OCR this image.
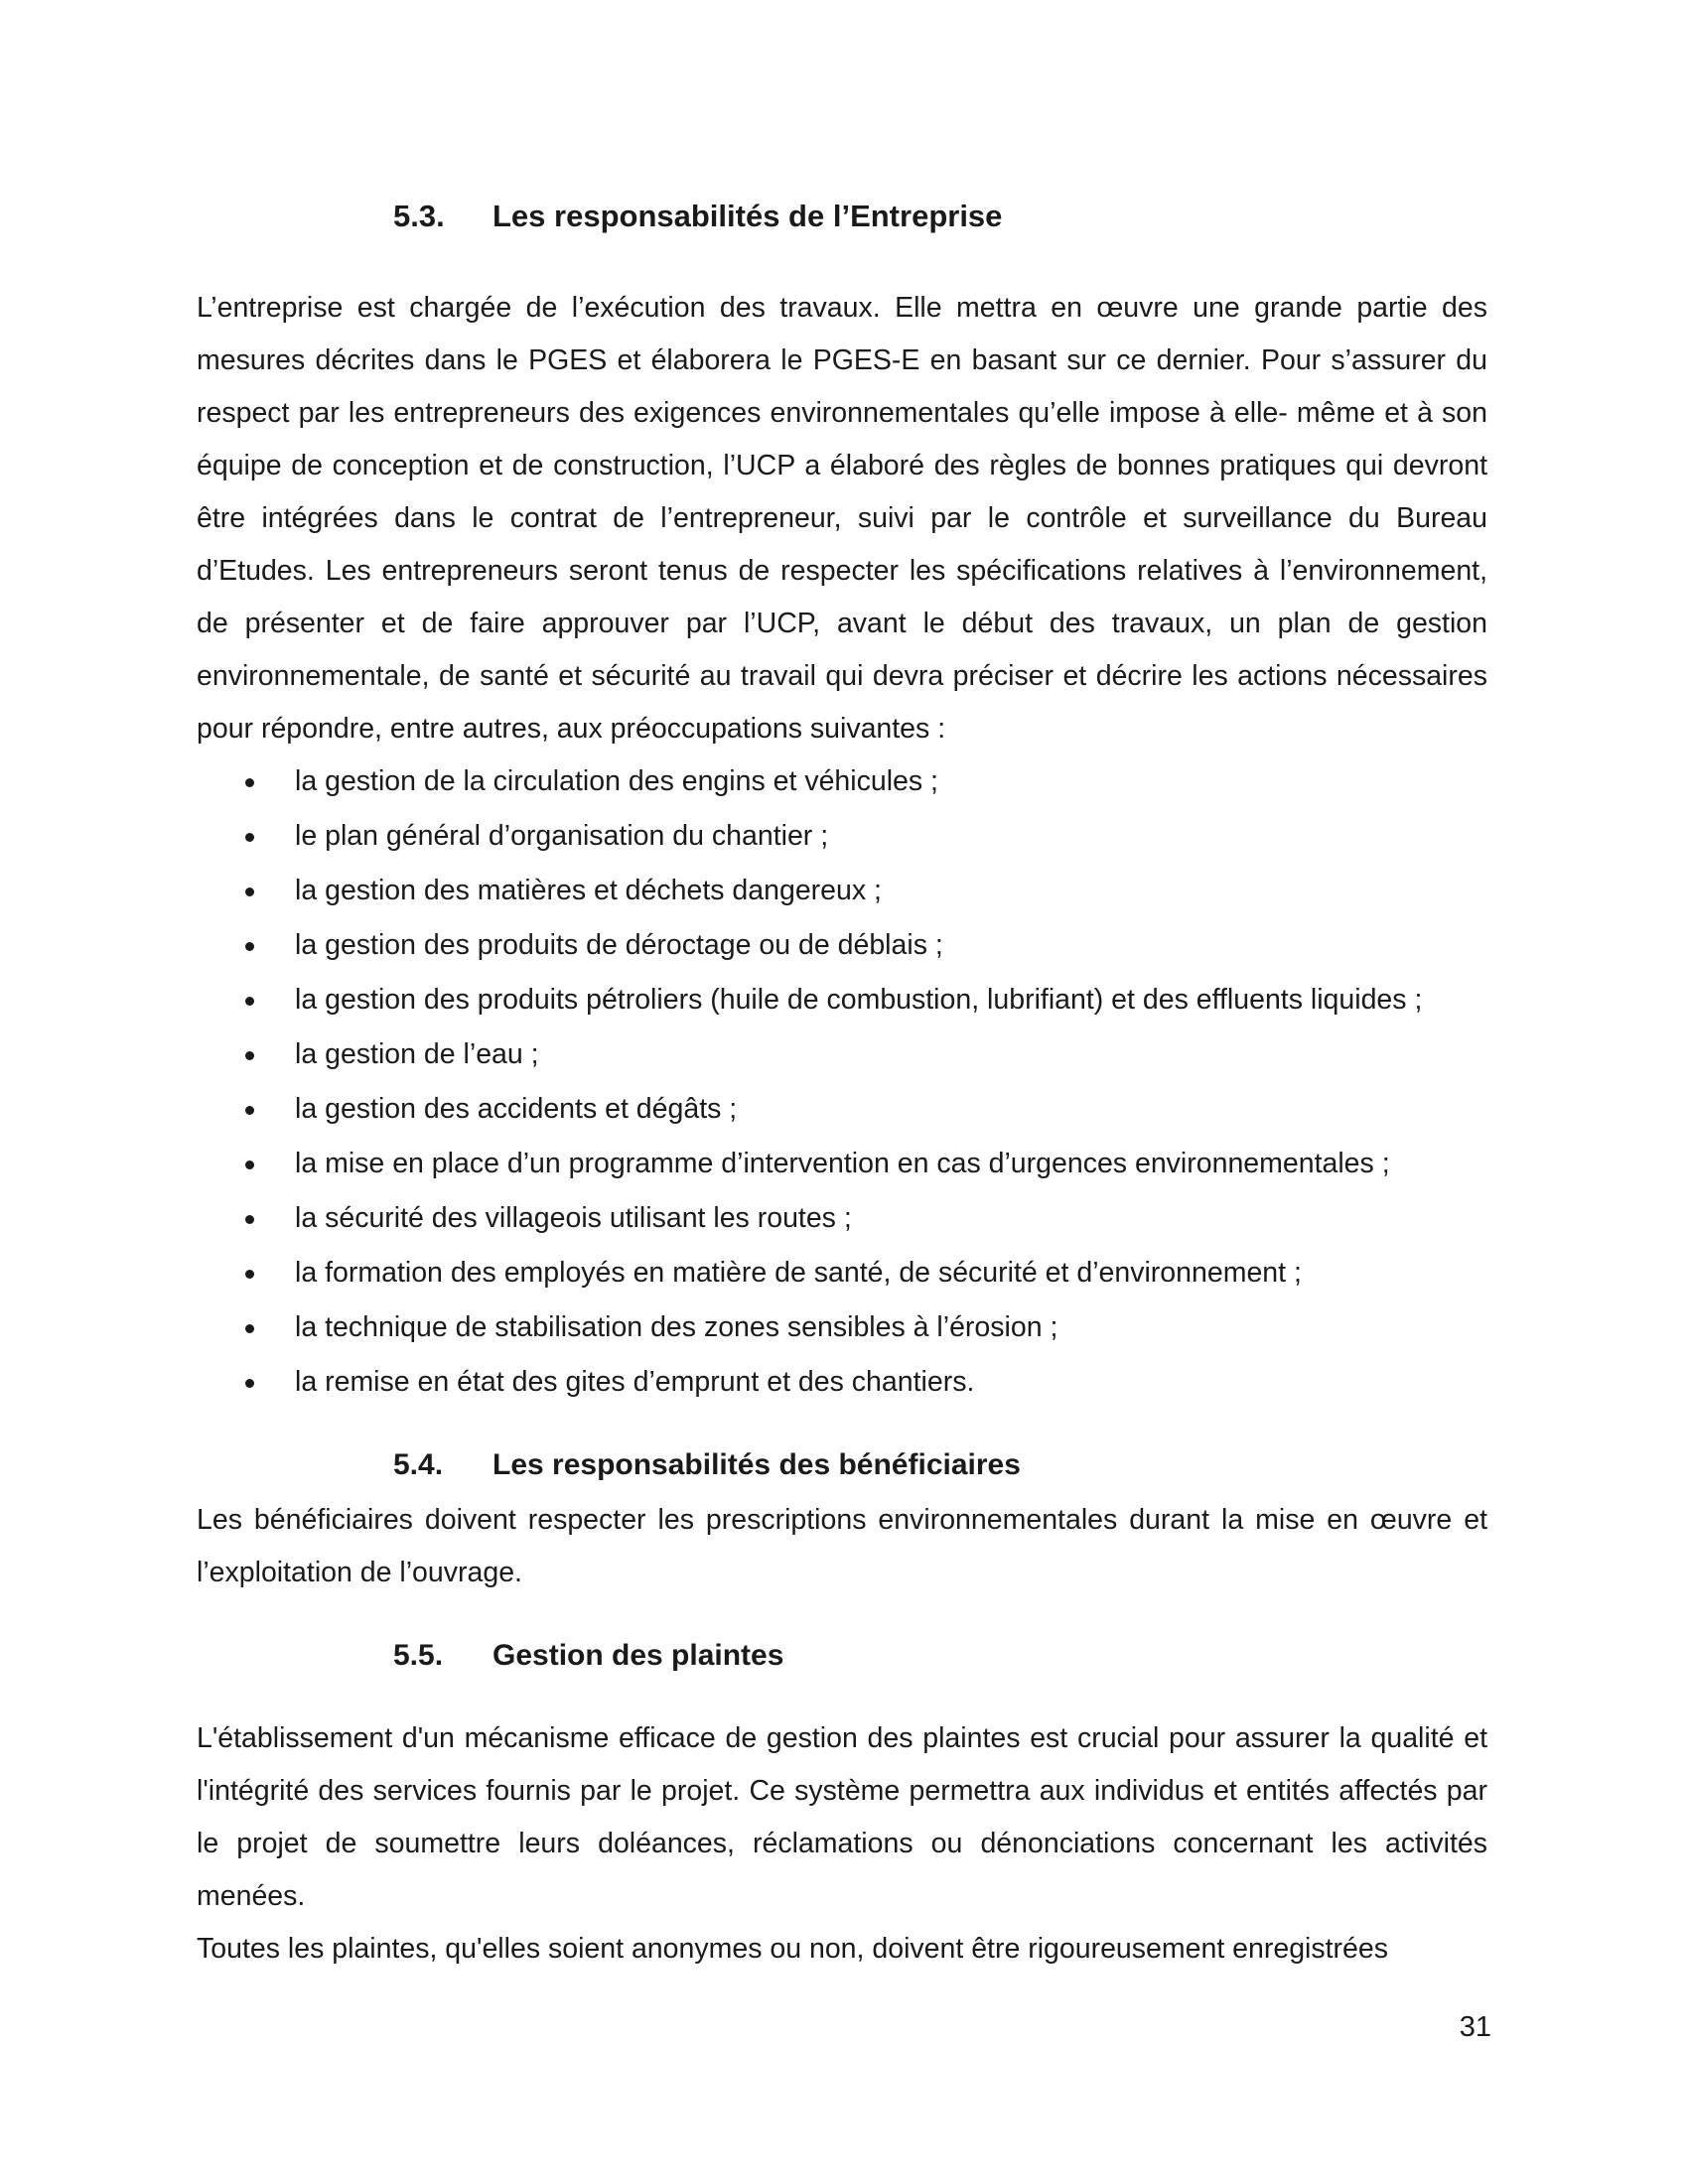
5.3. Les responsabilités de l’Entreprise

L’entreprise est chargée de l’exécution des travaux. Elle mettra en œuvre une grande partie des mesures décrites dans le PGES et élaborera le PGES-E en basant sur ce dernier. Pour s’assurer du respect par les entrepreneurs des exigences environnementales qu’elle impose à elle- même et à son équipe de conception et de construction, l’UCP a élaboré des règles de bonnes pratiques qui devront être intégrées dans le contrat de l’entrepreneur, suivi par le contrôle et surveillance du Bureau d’Etudes. Les entrepreneurs seront tenus de respecter les spécifications relatives à l’environnement, de présenter et de faire approuver par l’UCP, avant le début des travaux, un plan de gestion environnementale, de santé et sécurité au travail qui devra préciser et décrire les actions nécessaires pour répondre, entre autres, aux préoccupations suivantes :

la gestion de la circulation des engins et véhicules ;
le plan général d’organisation du chantier ;
la gestion des matières et déchets dangereux ;
la gestion des produits de déroctage ou de déblais ;
la gestion des produits pétroliers (huile de combustion, lubrifiant) et des effluents liquides ;
la gestion de l’eau ;
la gestion des accidents et dégâts ;
la mise en place d’un programme d’intervention en cas d’urgences environnementales ;
la sécurité des villageois utilisant les routes ;
la formation des employés en matière de santé, de sécurité et d’environnement ;
la technique de stabilisation des zones sensibles à l’érosion ;
la remise en état des gites d’emprunt et des chantiers.
5.4. Les responsabilités des bénéficiaires

Les bénéficiaires doivent respecter les prescriptions environnementales durant la mise en œuvre et l’exploitation de l’ouvrage.

5.5. Gestion des plaintes

L'établissement d'un mécanisme efficace de gestion des plaintes est crucial pour assurer la qualité et l'intégrité des services fournis par le projet. Ce système permettra aux individus et entités affectés par le projet de soumettre leurs doléances, réclamations ou dénonciations concernant les activités menées.

Toutes les plaintes, qu'elles soient anonymes ou non, doivent être rigoureusement enregistrées

31
